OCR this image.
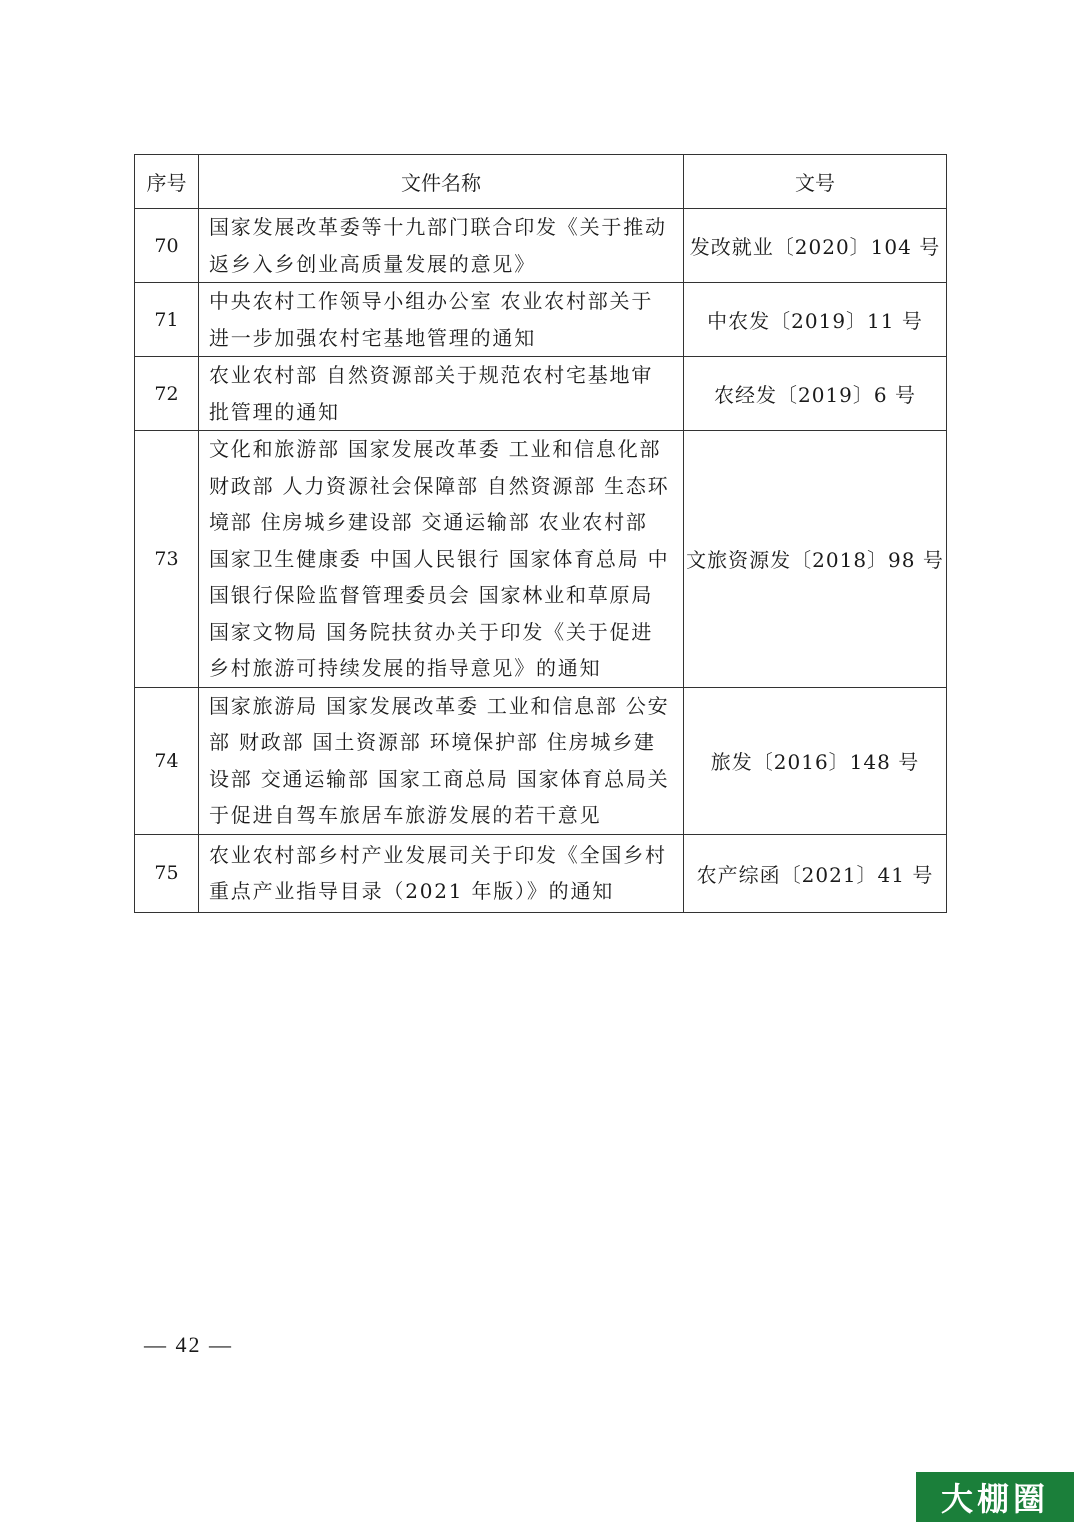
序号	文件名称	文号
70	国家发展改革委等十九部门联合印发《关于推动返乡入乡创业高质量发展的意见》	发改就业〔2020〕104 号
71	中央农村工作领导小组办公室 农业农村部关于进一步加强农村宅基地管理的通知	中农发〔2019〕11 号
72	农业农村部 自然资源部关于规范农村宅基地审批管理的通知	农经发〔2019〕6 号
73	文化和旅游部 国家发展改革委 工业和信息化部 财政部 人力资源社会保障部 自然资源部 生态环境部 住房城乡建设部 交通运输部 农业农村部 国家卫生健康委 中国人民银行 国家体育总局 中国银行保险监督管理委员会 国家林业和草原局 国家文物局 国务院扶贫办关于印发《关于促进乡村旅游可持续发展的指导意见》的通知	文旅资源发〔2018〕98 号
74	国家旅游局 国家发展改革委 工业和信息部 公安部 财政部 国土资源部 环境保护部 住房城乡建设部 交通运输部 国家工商总局 国家体育总局关于促进自驾车旅居车旅游发展的若干意见	旅发〔2016〕148 号
75	农业农村部乡村产业发展司关于印发《全国乡村重点产业指导目录（2021 年版）》的通知	农产综函〔2021〕41 号
— 42 —
大棚圈
